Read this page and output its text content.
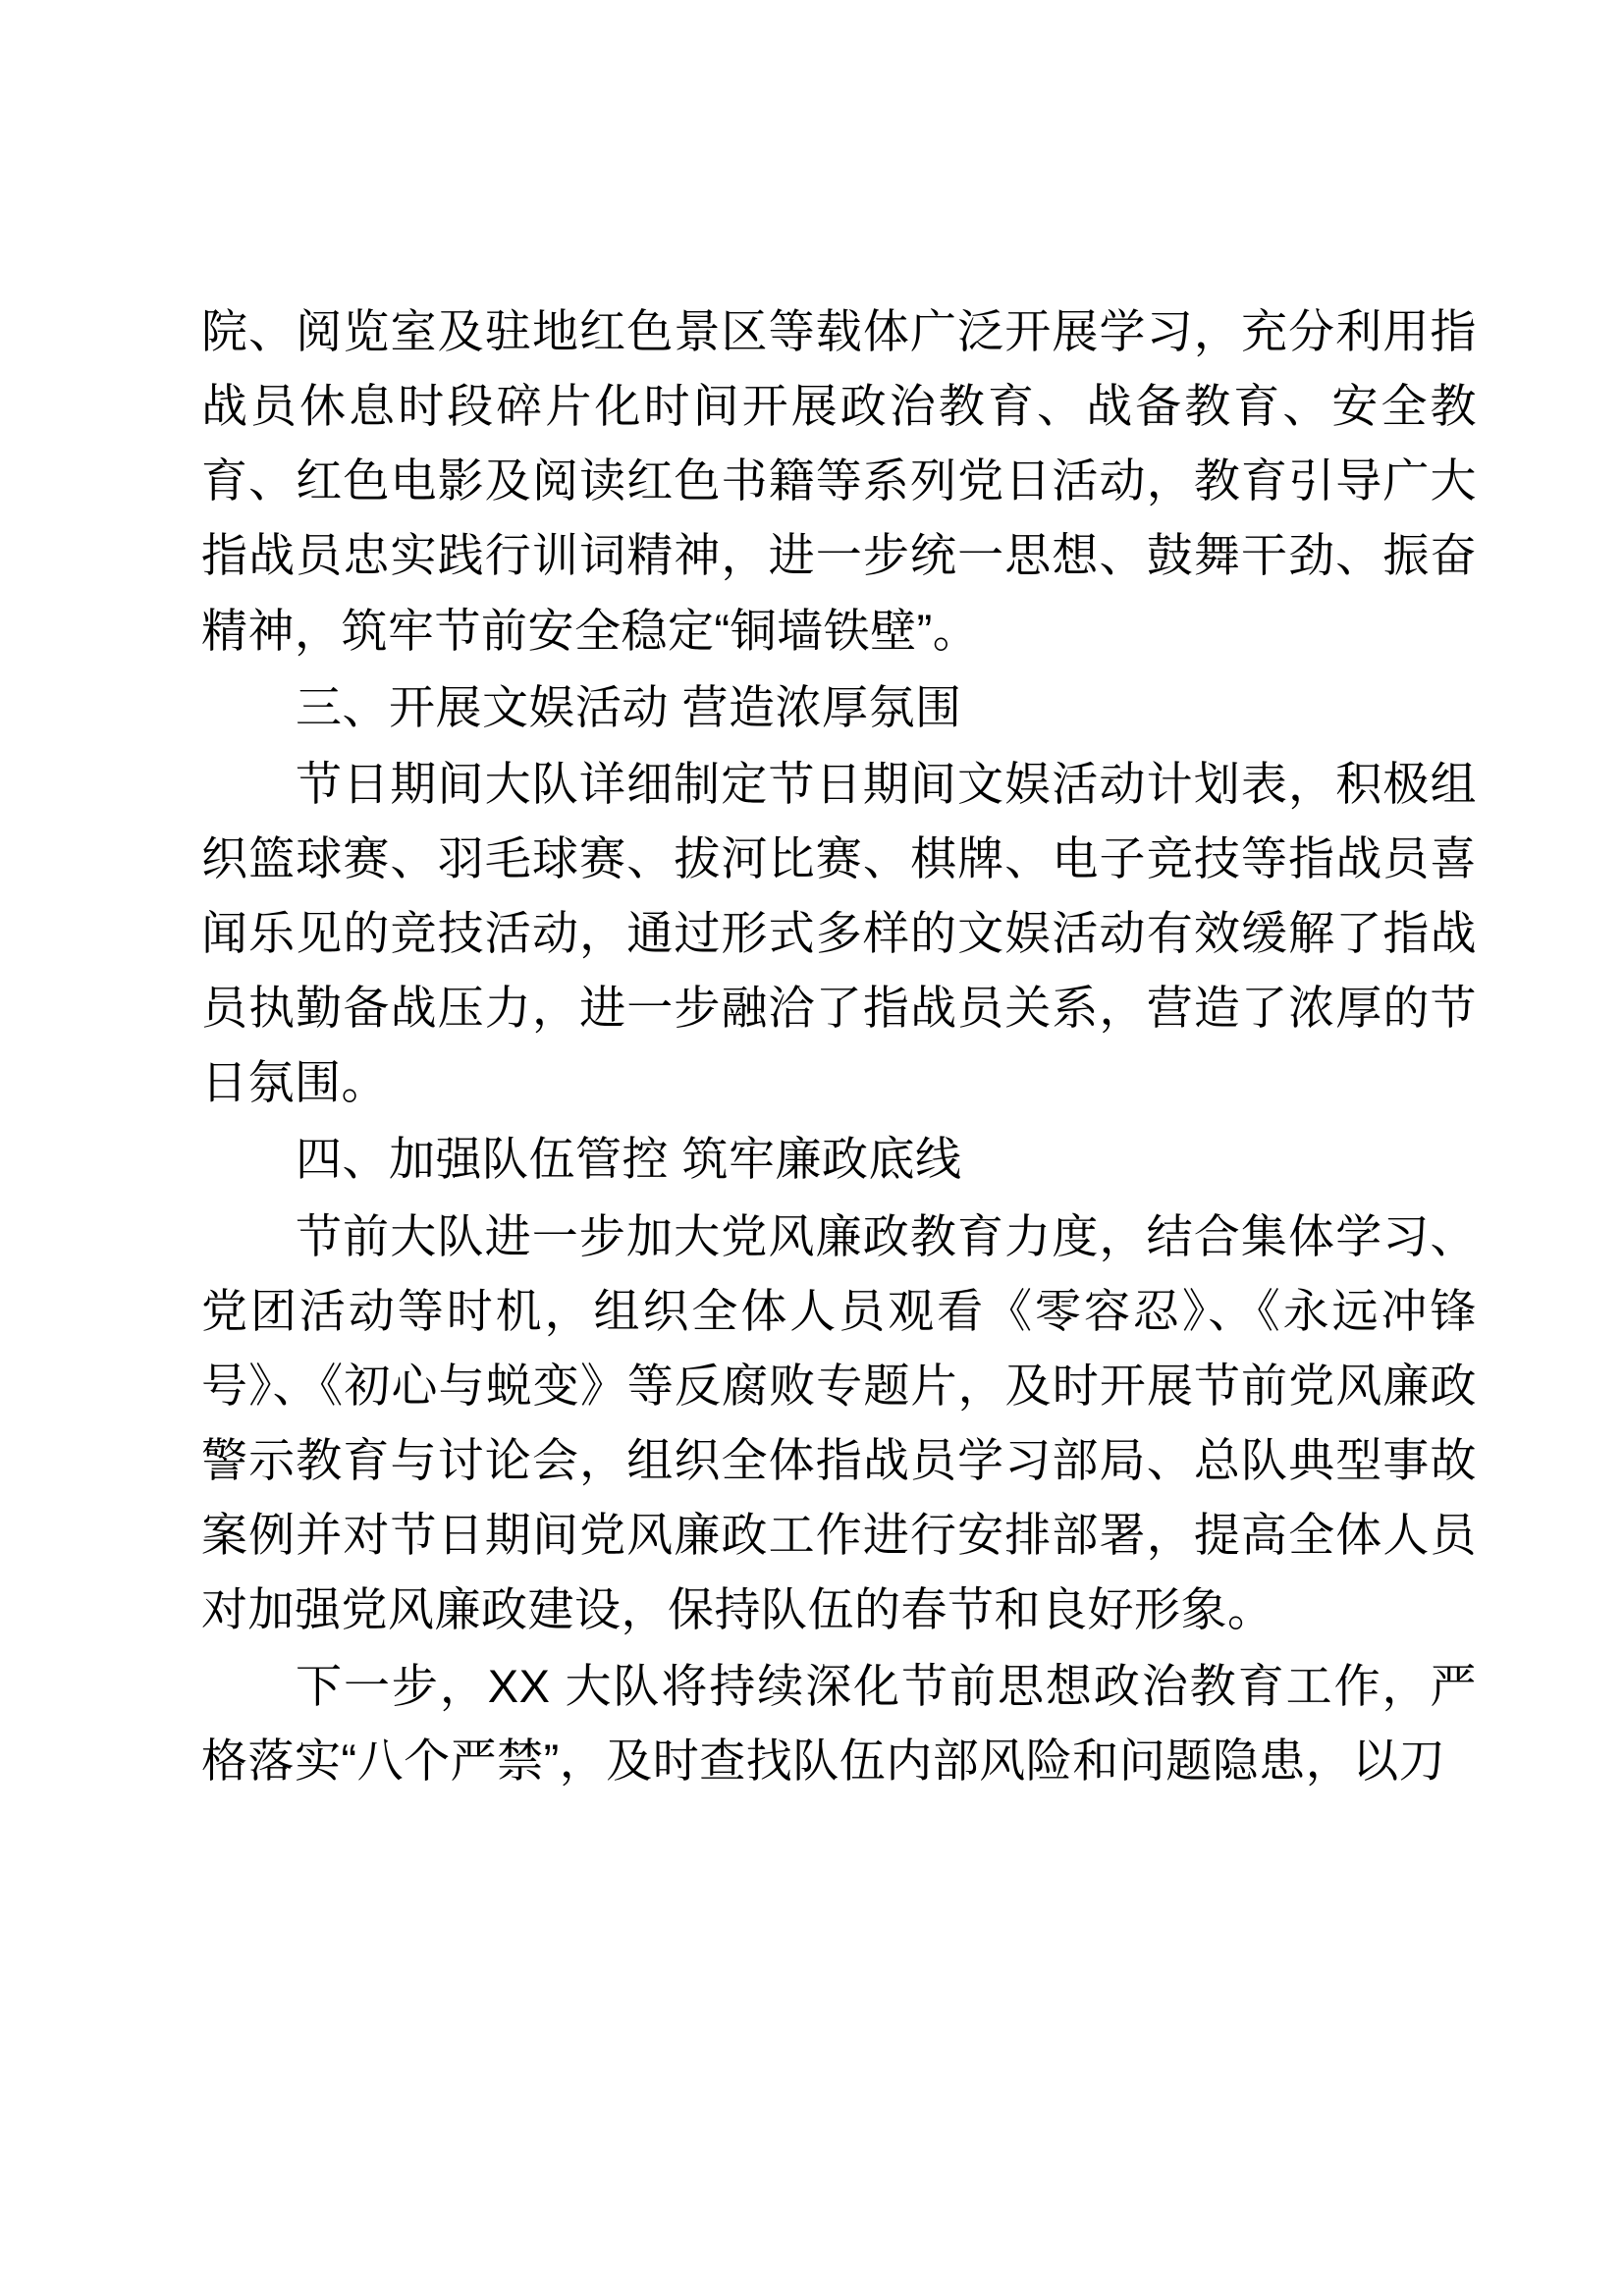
院、阅览室及驻地红色景区等载体广泛开展学习，充分利用指战员休息时段碎片化时间开展政治教育、战备教育、安全教育、红色电影及阅读红色书籍等系列党日活动，教育引导广大指战员忠实践行训词精神，进一步统一思想、鼓舞干劲、振奋精神，筑牢节前安全稳定“铜墙铁壁”。

三、开展文娱活动 营造浓厚氛围

节日期间大队详细制定节日期间文娱活动计划表，积极组织篮球赛、羽毛球赛、拔河比赛、棋牌、电子竞技等指战员喜闻乐见的竞技活动，通过形式多样的文娱活动有效缓解了指战员执勤备战压力，进一步融洽了指战员关系，营造了浓厚的节日氛围。

四、加强队伍管控 筑牢廉政底线

节前大队进一步加大党风廉政教育力度，结合集体学习、党团活动等时机，组织全体人员观看《零容忍》、《永远冲锋号》、《初心与蜕变》等反腐败专题片，及时开展节前党风廉政警示教育与讨论会，组织全体指战员学习部局、总队典型事故案例并对节日期间党风廉政工作进行安排部署，提高全体人员对加强党风廉政建设，保持队伍的春节和良好形象。

下一步，XX 大队将持续深化节前思想政治教育工作，严格落实“八个严禁”，及时查找队伍内部风险和问题隐患，以刀
